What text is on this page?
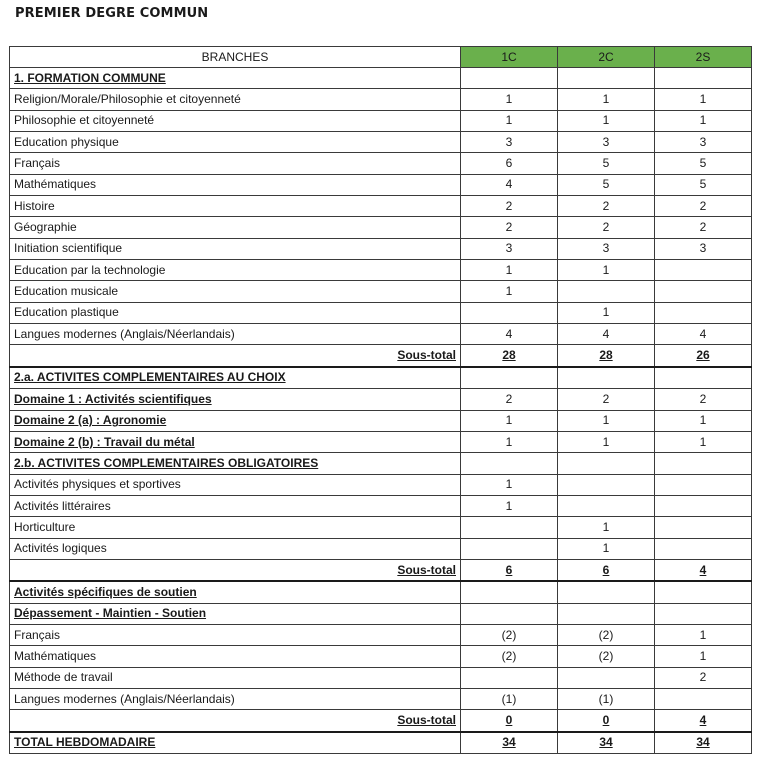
PREMIER DEGRE COMMUN
BRANCHES	1C	2C	2S
1. FORMATION COMMUNE			
Religion/Morale/Philosophie et citoyenneté	1	1	1
Philosophie et citoyenneté	1	1	1
Education physique	3	3	3
Français	6	5	5
Mathématiques	4	5	5
Histoire	2	2	2
Géographie	2	2	2
Initiation scientifique	3	3	3
Education par la technologie	1	1	
Education musicale	1		
Education plastique		1	
Langues modernes (Anglais/Néerlandais)	4	4	4
Sous-total	28	28	26
2.a. ACTIVITES COMPLEMENTAIRES AU CHOIX			
Domaine 1 : Activités scientifiques	2	2	2
Domaine 2 (a) : Agronomie	1	1	1
Domaine 2 (b) : Travail du métal	1	1	1
2.b. ACTIVITES COMPLEMENTAIRES OBLIGATOIRES			
Activités physiques et sportives	1		
Activités littéraires	1		
Horticulture		1	
Activités logiques		1	
Sous-total	6	6	4
Activités spécifiques de soutien			
Dépassement - Maintien - Soutien			
Français	(2)	(2)	1
Mathématiques	(2)	(2)	1
Méthode de travail			2
Langues modernes (Anglais/Néerlandais)	(1)	(1)	
Sous-total	0	0	4
TOTAL HEBDOMADAIRE	34	34	34
